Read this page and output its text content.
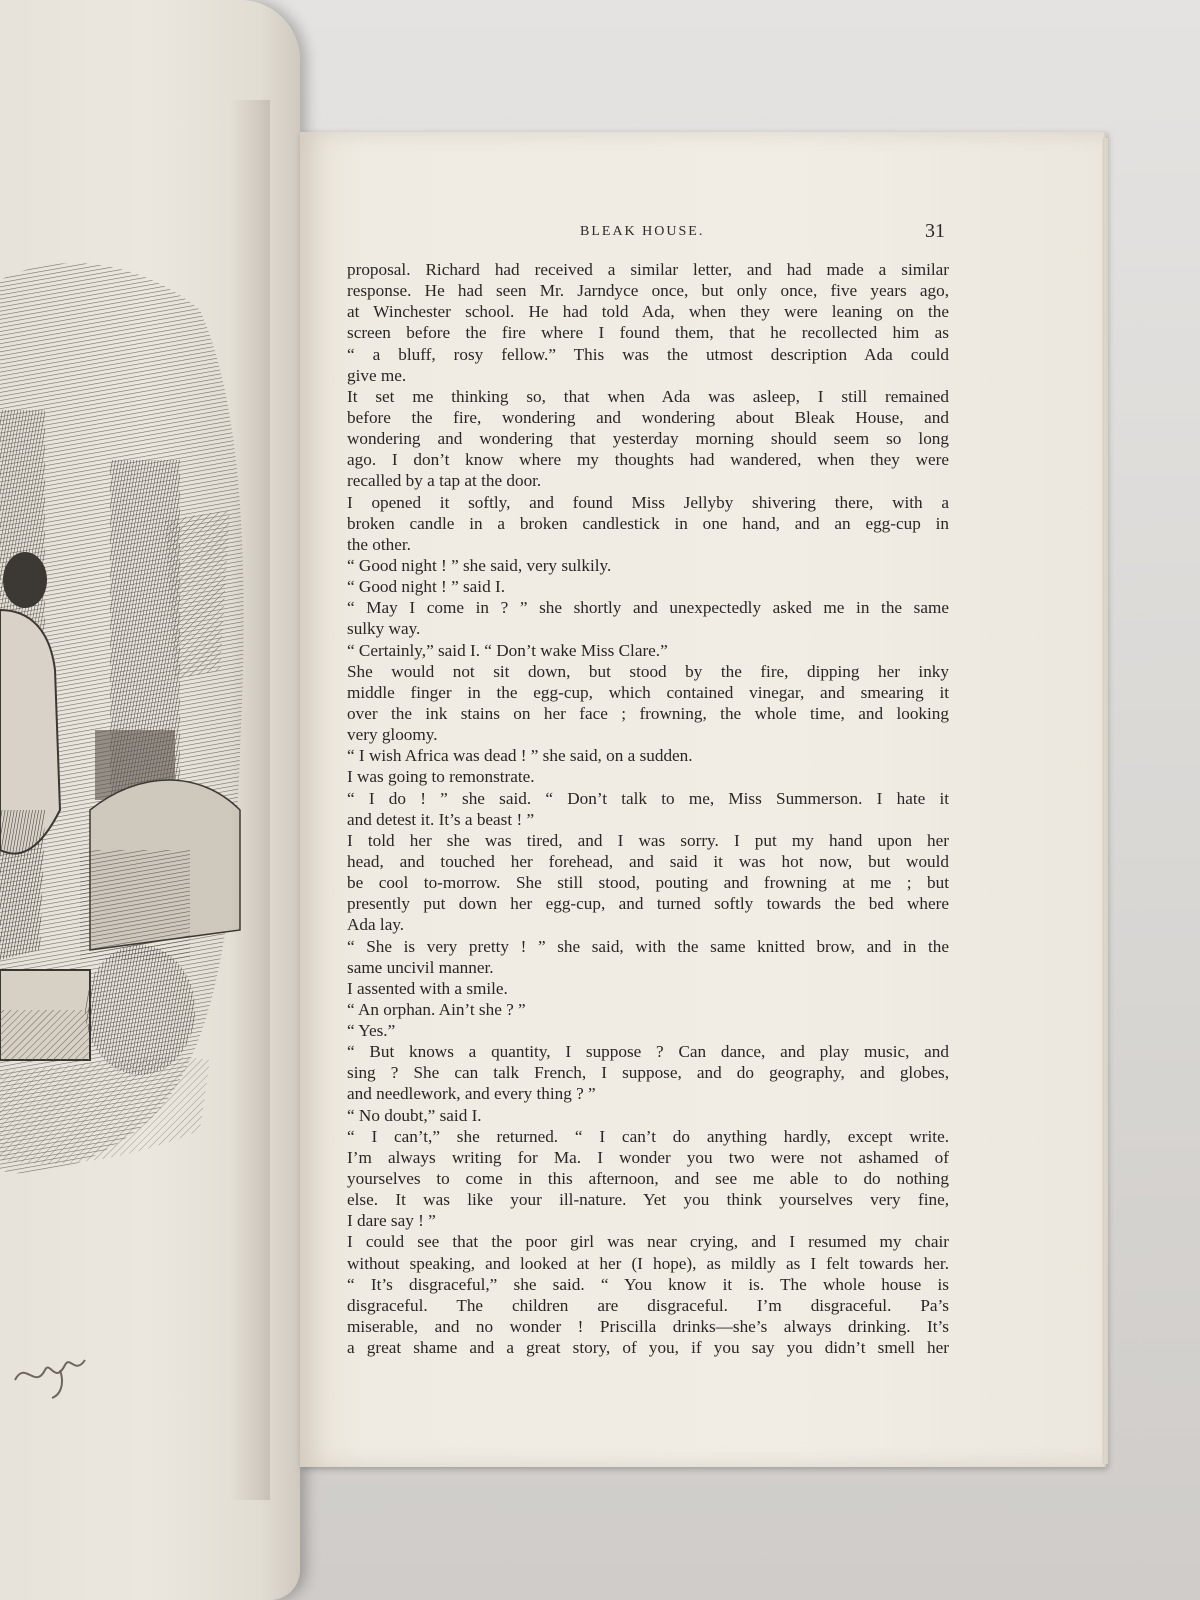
BLEAK HOUSE.	31
proposal. Richard had received a similar letter, and had made a similar
response. He had seen Mr. Jarndyce once, but only once, five years ago,
at Winchester school. He had told Ada, when they were leaning on the
screen before the fire where I found them, that he recollected him as
“ a bluff, rosy fellow.” This was the utmost description Ada could
give me.
It set me thinking so, that when Ada was asleep, I still remained
before the fire, wondering and wondering about Bleak House, and
wondering and wondering that yesterday morning should seem so long
ago. I don’t know where my thoughts had wandered, when they were
recalled by a tap at the door.
I opened it softly, and found Miss Jellyby shivering there, with a
broken candle in a broken candlestick in one hand, and an egg-cup in
the other.
“ Good night ! ” she said, very sulkily.
“ Good night ! ” said I.
“ May I come in ? ” she shortly and unexpectedly asked me in the same
sulky way.
“ Certainly,” said I. “ Don’t wake Miss Clare.”
She would not sit down, but stood by the fire, dipping her inky
middle finger in the egg-cup, which contained vinegar, and smearing it
over the ink stains on her face ; frowning, the whole time, and looking
very gloomy.
“ I wish Africa was dead ! ” she said, on a sudden.
I was going to remonstrate.
“ I do ! ” she said. “ Don’t talk to me, Miss Summerson. I hate it
and detest it. It’s a beast ! ”
I told her she was tired, and I was sorry. I put my hand upon her
head, and touched her forehead, and said it was hot now, but would
be cool to-morrow. She still stood, pouting and frowning at me ; but
presently put down her egg-cup, and turned softly towards the bed where
Ada lay.
“ She is very pretty ! ” she said, with the same knitted brow, and in the
same uncivil manner.
I assented with a smile.
“ An orphan. Ain’t she ? ”
“ Yes.”
“ But knows a quantity, I suppose ? Can dance, and play music, and
sing ? She can talk French, I suppose, and do geography, and globes,
and needlework, and every thing ? ”
“ No doubt,” said I.
“ I can’t,” she returned. “ I can’t do anything hardly, except write.
I’m always writing for Ma. I wonder you two were not ashamed of
yourselves to come in this afternoon, and see me able to do nothing
else. It was like your ill-nature. Yet you think yourselves very fine,
I dare say ! ”
I could see that the poor girl was near crying, and I resumed my chair
without speaking, and looked at her (I hope), as mildly as I felt towards her.
“ It’s disgraceful,” she said. “ You know it is. The whole house is
disgraceful. The children are disgraceful. I’m disgraceful. Pa’s
miserable, and no wonder ! Priscilla drinks—she’s always drinking. It’s
a great shame and a great story, of you, if you say you didn’t smell her
